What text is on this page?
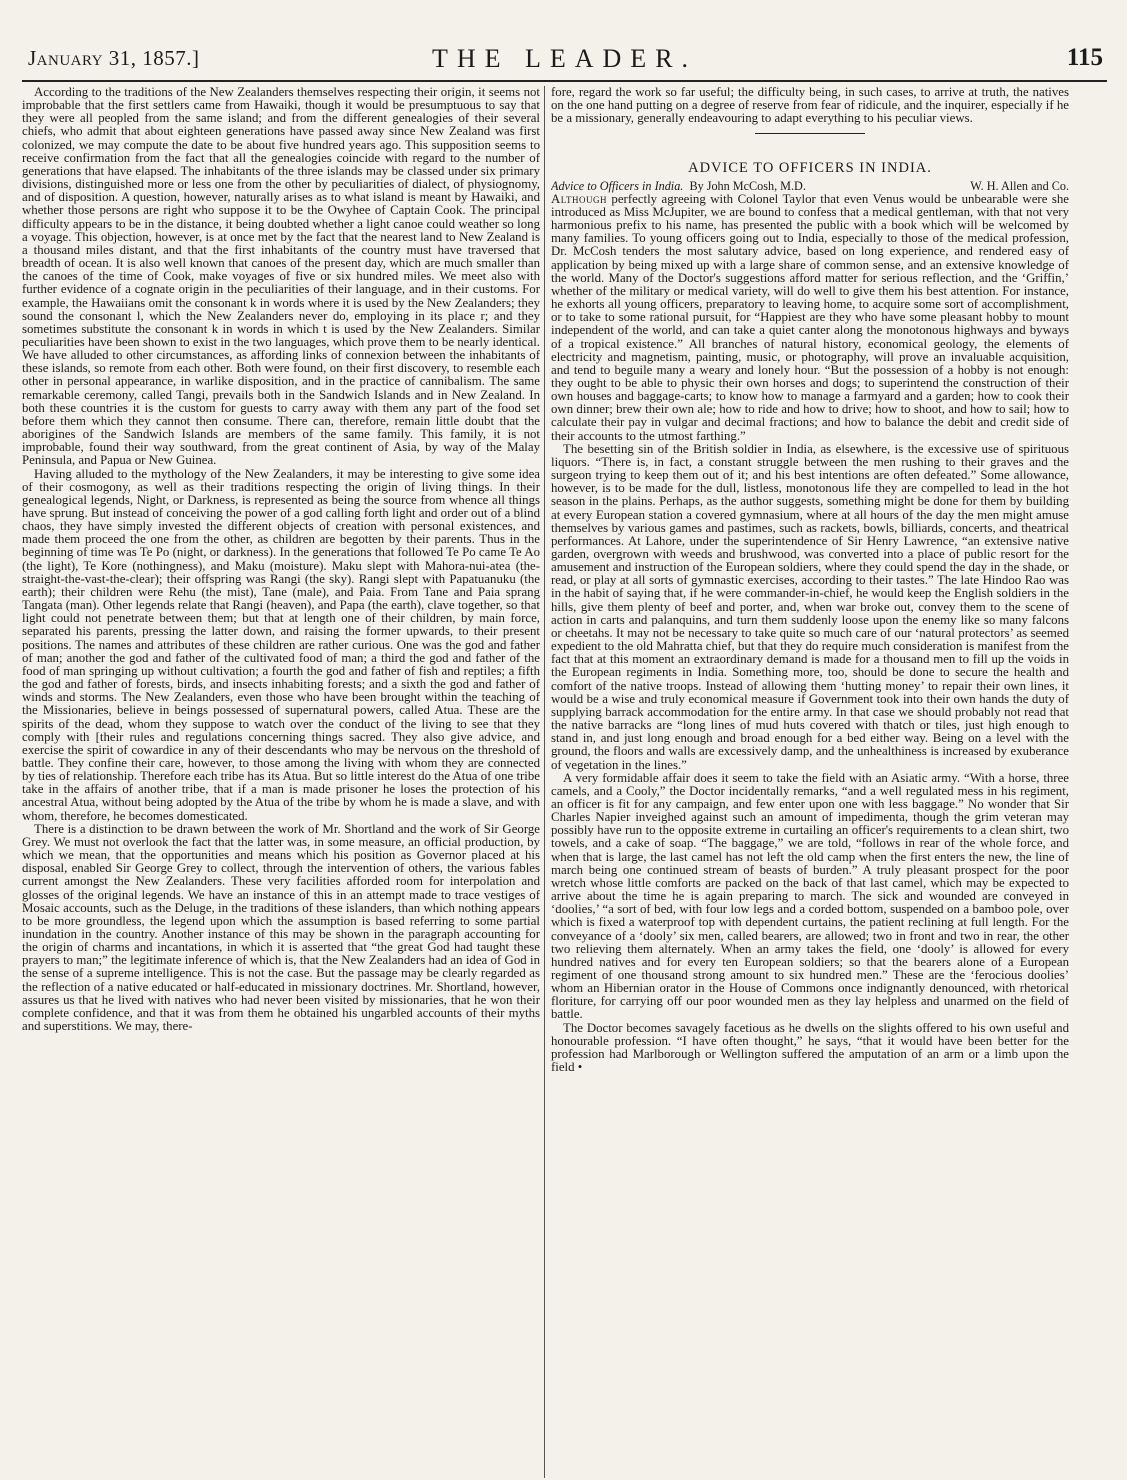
January 31, 1857.]	THE LEADER.	115

According to the traditions of the New Zealanders themselves respecting their origin, it seems not improbable that the first settlers came from Hawaiki, though it would be presumptuous to say that they were all peopled from the same island; and from the different genealogies of their several chiefs, who admit that about eighteen generations have passed away since New Zealand was first colonized, we may compute the date to be about five hundred years ago. This supposition seems to receive confirmation from the fact that all the genealogies coincide with regard to the number of generations that have elapsed. The inhabitants of the three islands may be classed under six primary divisions, distinguished more or less one from the other by peculiarities of dialect, of physiognomy, and of disposition. A question, however, naturally arises as to what island is meant by Hawaiki, and whether those persons are right who suppose it to be the Owyhee of Captain Cook. The principal difficulty appears to be in the distance, it being doubted whether a light canoe could weather so long a voyage. This objection, however, is at once met by the fact that the nearest land to New Zealand is a thousand miles distant, and that the first inhabitants of the country must have traversed that breadth of ocean. It is also well known that canoes of the present day, which are much smaller than the canoes of the time of Cook, make voyages of five or six hundred miles. We meet also with further evidence of a cognate origin in the peculiarities of their language, and in their customs. For example, the Hawaiians omit the consonant k in words where it is used by the New Zealanders; they sound the consonant l, which the New Zealanders never do, employing in its place r; and they sometimes substitute the consonant k in words in which t is used by the New Zealanders. Similar peculiarities have been shown to exist in the two languages, which prove them to be nearly identical. We have alluded to other circumstances, as affording links of connexion between the inhabitants of these islands, so remote from each other. Both were found, on their first discovery, to resemble each other in personal appearance, in warlike disposition, and in the practice of cannibalism. The same remarkable ceremony, called Tangi, prevails both in the Sandwich Islands and in New Zealand. In both these countries it is the custom for guests to carry away with them any part of the food set before them which they cannot then consume. There can, therefore, remain little doubt that the aborigines of the Sandwich Islands are members of the same family. This family, it is not improbable, found their way southward, from the great continent of Asia, by way of the Malay Peninsula, and Papua or New Guinea.

Having alluded to the mythology of the New Zealanders, it may be interesting to give some idea of their cosmogony, as well as their traditions respecting the origin of living things. In their genealogical legends, Night, or Darkness, is represented as being the source from whence all things have sprung. But instead of conceiving the power of a god calling forth light and order out of a blind chaos, they have simply invested the different objects of creation with personal existences, and made them proceed the one from the other, as children are begotten by their parents. Thus in the beginning of time was Te Po (night, or darkness). In the generations that followed Te Po came Te Ao (the light), Te Kore (nothingness), and Maku (moisture). Maku slept with Mahora-nui-atea (the-straight-the-vast-the-clear); their offspring was Rangi (the sky). Rangi slept with Papatuanuku (the earth); their children were Rehu (the mist), Tane (male), and Paia. From Tane and Paia sprang Tangata (man). Other legends relate that Rangi (heaven), and Papa (the earth), clave together, so that light could not penetrate between them; but that at length one of their children, by main force, separated his parents, pressing the latter down, and raising the former upwards, to their present positions. The names and attributes of these children are rather curious. One was the god and father of man; another the god and father of the cultivated food of man; a third the god and father of the food of man springing up without cultivation; a fourth the god and father of fish and reptiles; a fifth the god and father of forests, birds, and insects inhabiting forests; and a sixth the god and father of winds and storms. The New Zealanders, even those who have been brought within the teaching of the Missionaries, believe in beings possessed of supernatural powers, called Atua. These are the spirits of the dead, whom they suppose to watch over the conduct of the living to see that they comply with [their rules and regulations concerning things sacred. They also give advice, and exercise the spirit of cowardice in any of their descendants who may be nervous on the threshold of battle. They confine their care, however, to those among the living with whom they are connected by ties of relationship. Therefore each tribe has its Atua. But so little interest do the Atua of one tribe take in the affairs of another tribe, that if a man is made prisoner he loses the protection of his ancestral Atua, without being adopted by the Atua of the tribe by whom he is made a slave, and with whom, therefore, he becomes domesticated.

There is a distinction to be drawn between the work of Mr. Shortland and the work of Sir George Grey. We must not overlook the fact that the latter was, in some measure, an official production, by which we mean, that the opportunities and means which his position as Governor placed at his disposal, enabled Sir George Grey to collect, through the intervention of others, the various fables current amongst the New Zealanders. These very facilities afforded room for interpolation and glosses of the original legends. We have an instance of this in an attempt made to trace vestiges of Mosaic accounts, such as the Deluge, in the traditions of these islanders, than which nothing appears to be more groundless, the legend upon which the assumption is based referring to some partial inundation in the country. Another instance of this may be shown in the paragraph accounting for the origin of charms and incantations, in which it is asserted that “the great God had taught these prayers to man;” the legitimate inference of which is, that the New Zealanders had an idea of God in the sense of a supreme intelligence. This is not the case. But the passage may be clearly regarded as the reflection of a native educated or half-educated in missionary doctrines. Mr. Shortland, however, assures us that he lived with natives who had never been visited by missionaries, that he won their complete confidence, and that it was from them he obtained his ungarbled accounts of their myths and superstitions. We may, there-

fore, regard the work so far useful; the difficulty being, in such cases, to arrive at truth, the natives on the one hand putting on a degree of reserve from fear of ridicule, and the inquirer, especially if he be a missionary, generally endeavouring to adapt everything to his peculiar views.

ADVICE TO OFFICERS IN INDIA.
Advice to Officers in India. By John McCosh, M.D.	W. H. Allen and Co.

Although perfectly agreeing with Colonel Taylor that even Venus would be unbearable were she introduced as Miss McJupiter, we are bound to confess that a medical gentleman, with that not very harmonious prefix to his name, has presented the public with a book which will be welcomed by many families. To young officers going out to India, especially to those of the medical profession, Dr. McCosh tenders the most salutary advice, based on long experience, and rendered easy of application by being mixed up with a large share of common sense, and an extensive knowledge of the world. Many of the Doctor's suggestions afford matter for serious reflection, and the ‘Griffin,’ whether of the military or medical variety, will do well to give them his best attention. For instance, he exhorts all young officers, preparatory to leaving home, to acquire some sort of accomplishment, or to take to some rational pursuit, for “Happiest are they who have some pleasant hobby to mount independent of the world, and can take a quiet canter along the monotonous highways and byways of a tropical existence.” All branches of natural history, economical geology, the elements of electricity and magnetism, painting, music, or photography, will prove an invaluable acquisition, and tend to beguile many a weary and lonely hour. “But the possession of a hobby is not enough: they ought to be able to physic their own horses and dogs; to superintend the construction of their own houses and baggage-carts; to know how to manage a farmyard and a garden; how to cook their own dinner; brew their own ale; how to ride and how to drive; how to shoot, and how to sail; how to calculate their pay in vulgar and decimal fractions; and how to balance the debit and credit side of their accounts to the utmost farthing.”

The besetting sin of the British soldier in India, as elsewhere, is the excessive use of spirituous liquors. “There is, in fact, a constant struggle between the men rushing to their graves and the surgeon trying to keep them out of it; and his best intentions are often defeated.” Some allowance, however, is to be made for the dull, listless, monotonous life they are compelled to lead in the hot season in the plains. Perhaps, as the author suggests, something might be done for them by building at every European station a covered gymnasium, where at all hours of the day the men might amuse themselves by various games and pastimes, such as rackets, bowls, billiards, concerts, and theatrical performances. At Lahore, under the superintendence of Sir Henry Lawrence, “an extensive native garden, overgrown with weeds and brushwood, was converted into a place of public resort for the amusement and instruction of the European soldiers, where they could spend the day in the shade, or read, or play at all sorts of gymnastic exercises, according to their tastes.” The late Hindoo Rao was in the habit of saying that, if he were commander-in-chief, he would keep the English soldiers in the hills, give them plenty of beef and porter, and, when war broke out, convey them to the scene of action in carts and palanquins, and turn them suddenly loose upon the enemy like so many falcons or cheetahs. It may not be necessary to take quite so much care of our ‘natural protectors’ as seemed expedient to the old Mahratta chief, but that they do require much consideration is manifest from the fact that at this moment an extraordinary demand is made for a thousand men to fill up the voids in the European regiments in India. Something more, too, should be done to secure the health and comfort of the native troops. Instead of allowing them ‘hutting money’ to repair their own lines, it would be a wise and truly economical measure if Government took into their own hands the duty of supplying barrack accommodation for the entire army. In that case we should probably not read that the native barracks are “long lines of mud huts covered with thatch or tiles, just high enough to stand in, and just long enough and broad enough for a bed either way. Being on a level with the ground, the floors and walls are excessively damp, and the unhealthiness is increased by exuberance of vegetation in the lines.”

A very formidable affair does it seem to take the field with an Asiatic army. “With a horse, three camels, and a Cooly,” the Doctor incidentally remarks, “and a well regulated mess in his regiment, an officer is fit for any campaign, and few enter upon one with less baggage.” No wonder that Sir Charles Napier inveighed against such an amount of impedimenta, though the grim veteran may possibly have run to the opposite extreme in curtailing an officer's requirements to a clean shirt, two towels, and a cake of soap. “The baggage,” we are told, “follows in rear of the whole force, and when that is large, the last camel has not left the old camp when the first enters the new, the line of march being one continued stream of beasts of burden.” A truly pleasant prospect for the poor wretch whose little comforts are packed on the back of that last camel, which may be expected to arrive about the time he is again preparing to march. The sick and wounded are conveyed in ‘doolies,’ “a sort of bed, with four low legs and a corded bottom, suspended on a bamboo pole, over which is fixed a waterproof top with dependent curtains, the patient reclining at full length. For the conveyance of a ‘dooly’ six men, called bearers, are allowed; two in front and two in rear, the other two relieving them alternately. When an army takes the field, one ‘dooly’ is allowed for every hundred natives and for every ten European soldiers; so that the bearers alone of a European regiment of one thousand strong amount to six hundred men.” These are the ‘ferocious doolies’ whom an Hibernian orator in the House of Commons once indignantly denounced, with rhetorical floriture, for carrying off our poor wounded men as they lay helpless and unarmed on the field of battle.

The Doctor becomes savagely facetious as he dwells on the slights offered to his own useful and honourable profession. “I have often thought,” he says, “that it would have been better for the profession had Marlborough or Wellington suffered the amputation of an arm or a limb upon the field •
